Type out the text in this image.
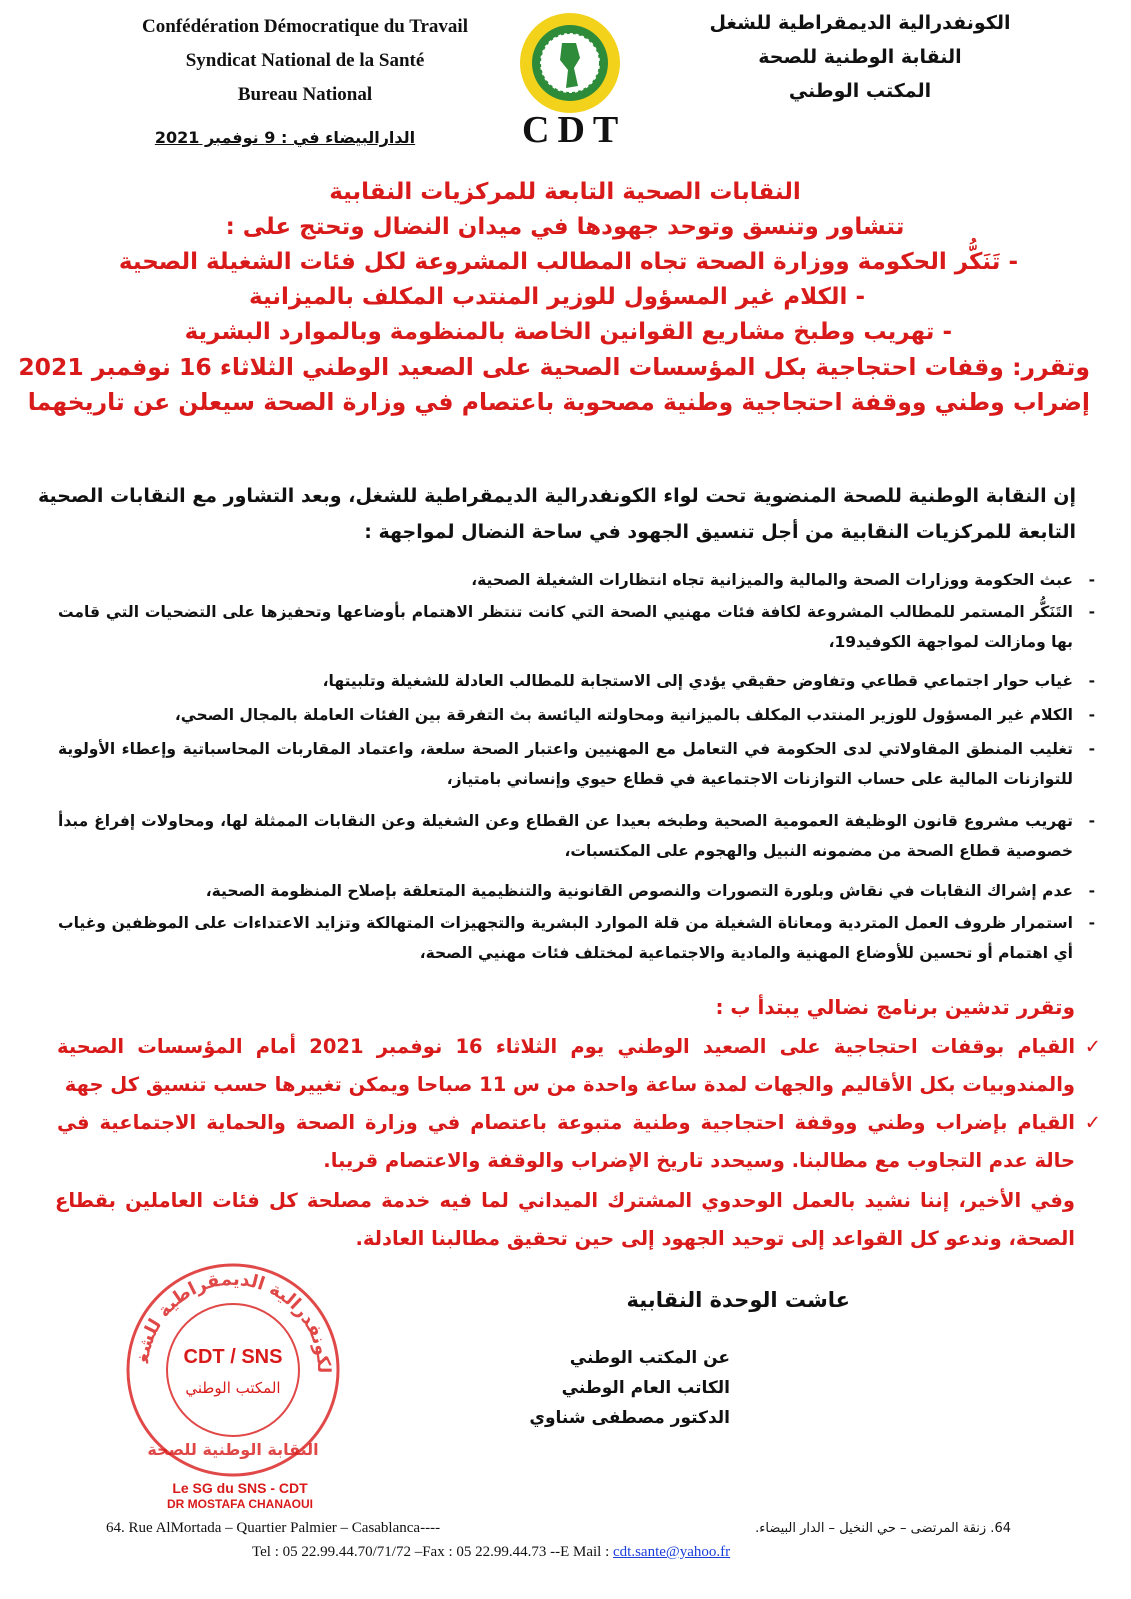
Confédération Démocratique du Travail
Syndicat National de la Santé
Bureau National
الكونفدرالية الديمقراطية للشغل
النقابة الوطنية للصحة
المكتب الوطني
CDT
الدارالبيضاء في : 9 نوفمبر 2021
النقابات الصحية التابعة للمركزيات النقابية
تتشاور وتنسق وتوحد جهودها في ميدان النضال وتحتج على :
- تَنَكُّر الحكومة ووزارة الصحة تجاه المطالب المشروعة لكل فئات الشغيلة الصحية
- الكلام غير المسؤول للوزير المنتدب المكلف بالميزانية
- تهريب وطبخ مشاريع القوانين الخاصة بالمنظومة وبالموارد البشرية
وتقرر: وقفات احتجاجية بكل المؤسسات الصحية على الصعيد الوطني الثلاثاء 16 نوفمبر 2021
إضراب وطني ووقفة احتجاجية وطنية مصحوبة باعتصام في وزارة الصحة سيعلن عن تاريخهما
إن النقابة الوطنية للصحة المنضوية تحت لواء الكونفدرالية الديمقراطية للشغل، وبعد التشاور مع النقابات الصحية التابعة للمركزيات النقابية من أجل تنسيق الجهود في ساحة النضال لمواجهة :
-
عبث الحكومة ووزارات الصحة والمالية والميزانية تجاه انتظارات الشغيلة الصحية،
-
التَنَكُّر المستمر للمطالب المشروعة لكافة فئات مهنيي الصحة التي كانت تنتظر الاهتمام بأوضاعها وتحفيزها على التضحيات التي قامت بها ومازالت لمواجهة الكوفيد19،
-
غياب حوار اجتماعي قطاعي وتفاوض حقيقي يؤدي إلى الاستجابة للمطالب العادلة للشغيلة وتلبيتها،
-
الكلام غير المسؤول للوزير المنتدب المكلف بالميزانية ومحاولته اليائسة بث التفرقة بين الفئات العاملة بالمجال الصحي،
-
تغليب المنطق المقاولاتي لدى الحكومة في التعامل مع المهنيين واعتبار الصحة سلعة، واعتماد المقاربات المحاسباتية وإعطاء الأولوية للتوازنات المالية على حساب التوازنات الاجتماعية في قطاع حيوي وإنساني بامتياز،
-
تهريب مشروع قانون الوظيفة العمومية الصحية وطبخه بعيدا عن القطاع وعن الشغيلة وعن النقابات الممثلة لها، ومحاولات إفراغ مبدأ خصوصية قطاع الصحة من مضمونه النبيل والهجوم على المكتسبات،
-
عدم إشراك النقابات في نقاش وبلورة التصورات والنصوص القانونية والتنظيمية المتعلقة بإصلاح المنظومة الصحية،
-
استمرار ظروف العمل المتردية ومعاناة الشغيلة من قلة الموارد البشرية والتجهيزات المتهالكة وتزايد الاعتداءات على الموظفين وغياب أي اهتمام أو تحسين للأوضاع المهنية والمادية والاجتماعية لمختلف فئات مهنيي الصحة،
وتقرر تدشين برنامج نضالي يبتدأ ب :
✓
القيام بوقفات احتجاجية على الصعيد الوطني يوم الثلاثاء 16 نوفمبر 2021 أمام المؤسسات الصحية والمندوبيات بكل الأقاليم والجهات لمدة ساعة واحدة من س 11 صباحا ويمكن تغييرها حسب تنسيق كل جهة
✓
القيام بإضراب وطني ووقفة احتجاجية وطنية متبوعة باعتصام في وزارة الصحة والحماية الاجتماعية في حالة عدم التجاوب مع مطالبنا. وسيحدد تاريخ الإضراب والوقفة والاعتصام قريبا.
وفي الأخير، إننا نشيد بالعمل الوحدوي المشترك الميداني لما فيه خدمة مصلحة كل فئات العاملين بقطاع الصحة، وندعو كل القواعد إلى توحيد الجهود إلى حين تحقيق مطالبنا العادلة.
عاشت الوحدة النقابية
عن المكتب الوطني
الكاتب العام الوطني
الدكتور مصطفى شناوي
لكونفدرالية الديمقراطية للشغ	CDT / SNS
المكتب الوطني
النقابة الوطنية للصحة
Le SG du SNS - CDT
DR MOSTAFA CHANAOUI
64. Rue AlMortada – Quartier Palmier – Casablanca----	64. زنقة المرتضى – حي النخيل – الدار البيضاء.
Tel : 05 22.99.44.70/71/72 –Fax : 05 22.99.44.73 --E Mail : cdt.sante@yahoo.fr
